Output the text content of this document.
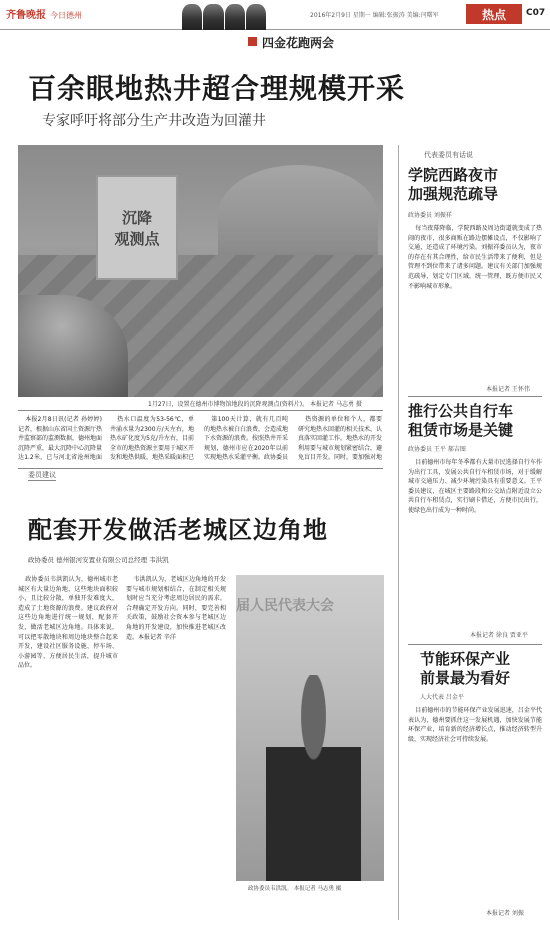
齐鲁晚报 今日德州	2016年2月9日 星期一 编辑:张振涛 美编:闫曙军	热点	C07
四金花跑两会
百余眼地热井超合理规模开采
专家呼吁将部分生产井改造为回灌井
沉降
观测点
1月27日，设置在德州市博物馆地段的沉降观测点(资料片)。 本报记者 马志勇 摄

本报2月8日讯(记者 孙婷婷)记者，根据山东省国土资源厅热井监察部的监测数据，德州地面沉降严重，最大沉降中心沉降量达1.2米，已与河北省沧州地面

热水口温度为53-56℃，单井涌水量为2300方/天左右，地热水矿化度为5克/升左右，目前全市的地热资源主要用于城区开发和地热供暖，地热采暖面积已

第100天计算，就有几百吨的地热水被白白浪费，会造成地下水资源的浪费。按照热井开采规划，德州市应在2020年以前实现地热水采灌平衡。政协委员

热资源的单位和个人，都要研究地热水回灌的相关技术，认真落实回灌工作。地热水的开发利用要与城市规划紧密结合，避免盲目开发。同时，要加强对地

代表委员有话说
学院西路夜市
加强规范疏导
政协委员 刘振祥

每当夜幕降临，学院西路及周边街道就变成了热闹的夜市，很多商贩在路边摆摊设点，不仅影响了交通，还造成了环境污染。刘振祥委员认为，夜市的存在有其合理性，给市民生活带来了便利，但是管理不到位带来了诸多问题。建议有关部门加强规范疏导，划定专门区域，统一管理，既方便市民又不影响城市形象。

本报记者 王怀伟
推行公共自行车
租赁市场是关键
政协委员 王平 郝吉图

目前德州市每年冬季都有大量市民选择自行车作为出行工具，发展公共自行车租赁市场，对于缓解城市交通压力、减少环境污染具有重要意义。王平委员建议，在城区主要路段和公交站点附近设立公共自行车租赁点，实行刷卡借还，方便市民出行，使绿色出行成为一种时尚。

本报记者 徐良 贾亚平
节能环保产业
前景最为看好
人大代表 吕金平

目前德州市的节能环保产业发展迅速，吕金平代表认为，德州要抓住这一发展机遇，加快发展节能环保产业，培育新的经济增长点，推动经济转型升级，实现经济社会可持续发展。

本报记者 刘振
委员建议
配套开发做活老城区边角地
政协委员 德州银河安置业有限公司总经理 韦洪凯

政协委员韦洪凯认为，德州城市老城区有大量边角地，这些地块面积较小，且比较分散，单独开发难度大，造成了土地资源的浪费。建议政府对这些边角地进行统一规划，配套开发，做活老城区边角地。具体来说，可以把零散地块和周边地块整合起来开发，建设社区服务设施、停车场、小游园等，方便居民生活，提升城市品位。

韦洪凯认为，老城区边角地的开发要与城市规划相结合，在制定相关规划时应当充分考虑周边居民的需求，合理确定开发方向。同时，要完善相关政策，鼓励社会资本参与老城区边角地的开发建设，加快推进老城区改造。本报记者 辛洋

届人民代表大会
政协委员韦洪凯。 本报记者 马志勇 摄
